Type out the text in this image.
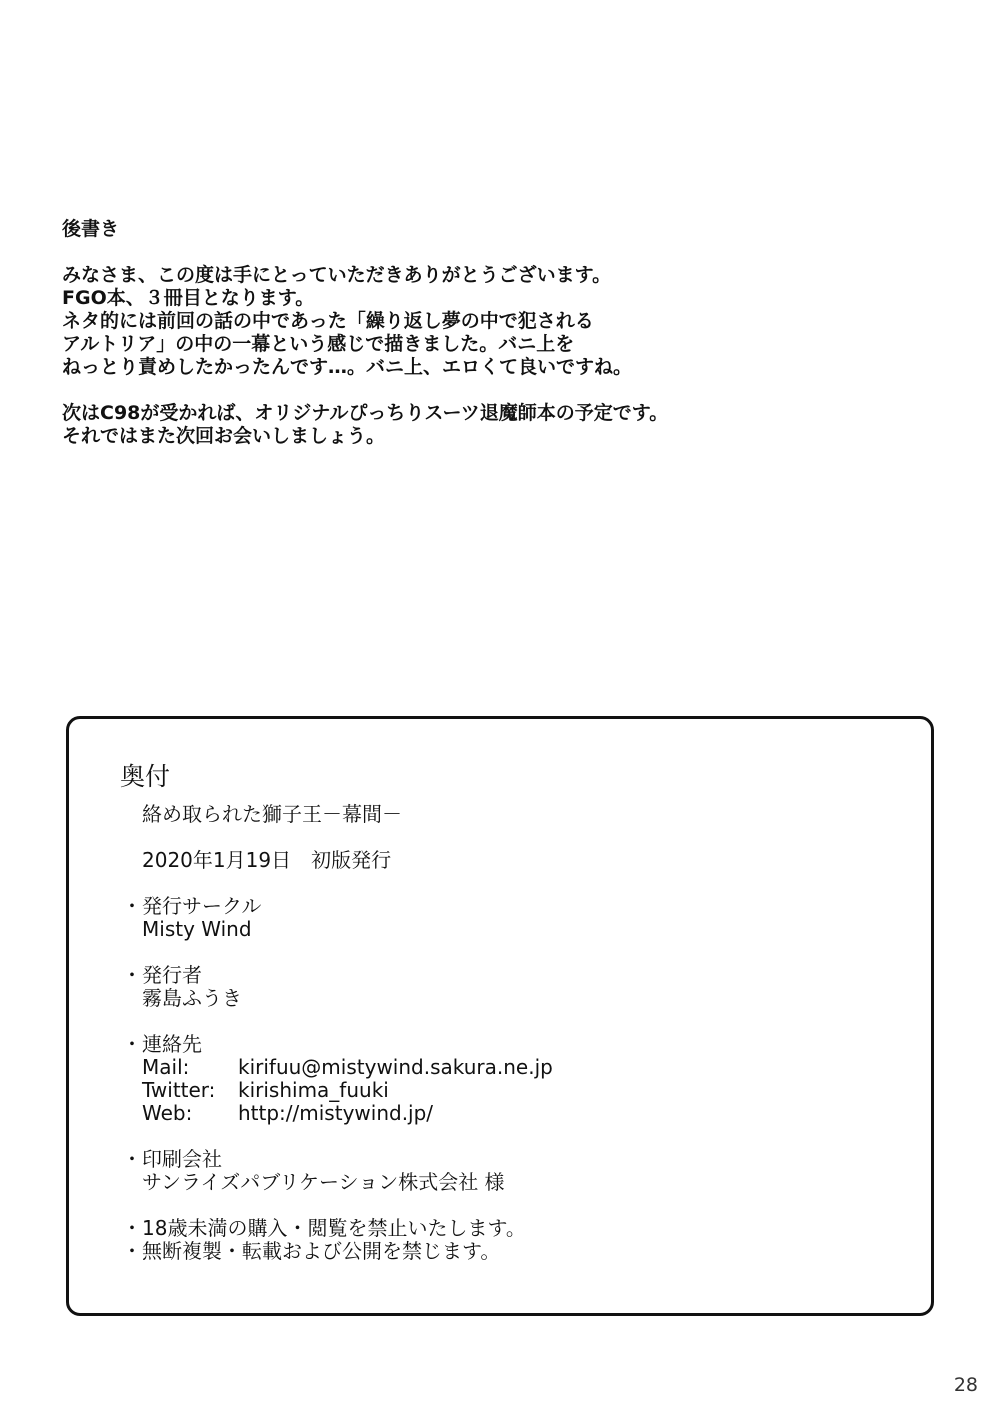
後書き
みなさま、この度は手にとっていただきありがとうございます。
FGO本、３冊目となります。
ネタ的には前回の話の中であった「繰り返し夢の中で犯される
アルトリア」の中の一幕という感じで描きました。バニ上を
ねっとり責めしたかったんです…。バニ上、エロくて良いですね。
次はC98が受かれば、オリジナルぴっちりスーツ退魔師本の予定です。
それではまた次回お会いしましょう。
奥付
絡め取られた獅子王－幕間－
2020年1月19日　初版発行
・発行サークル
Misty Wind
・発行者
霧島ふうき
・連絡先
Mail:	kirifuu@mistywind.sakura.ne.jp
Twitter:	kirishima_fuuki
Web:	http://mistywind.jp/
・印刷会社
サンライズパブリケーション株式会社 様
・18歳未満の購入・閲覧を禁止いたします。
・無断複製・転載および公開を禁じます。
28
